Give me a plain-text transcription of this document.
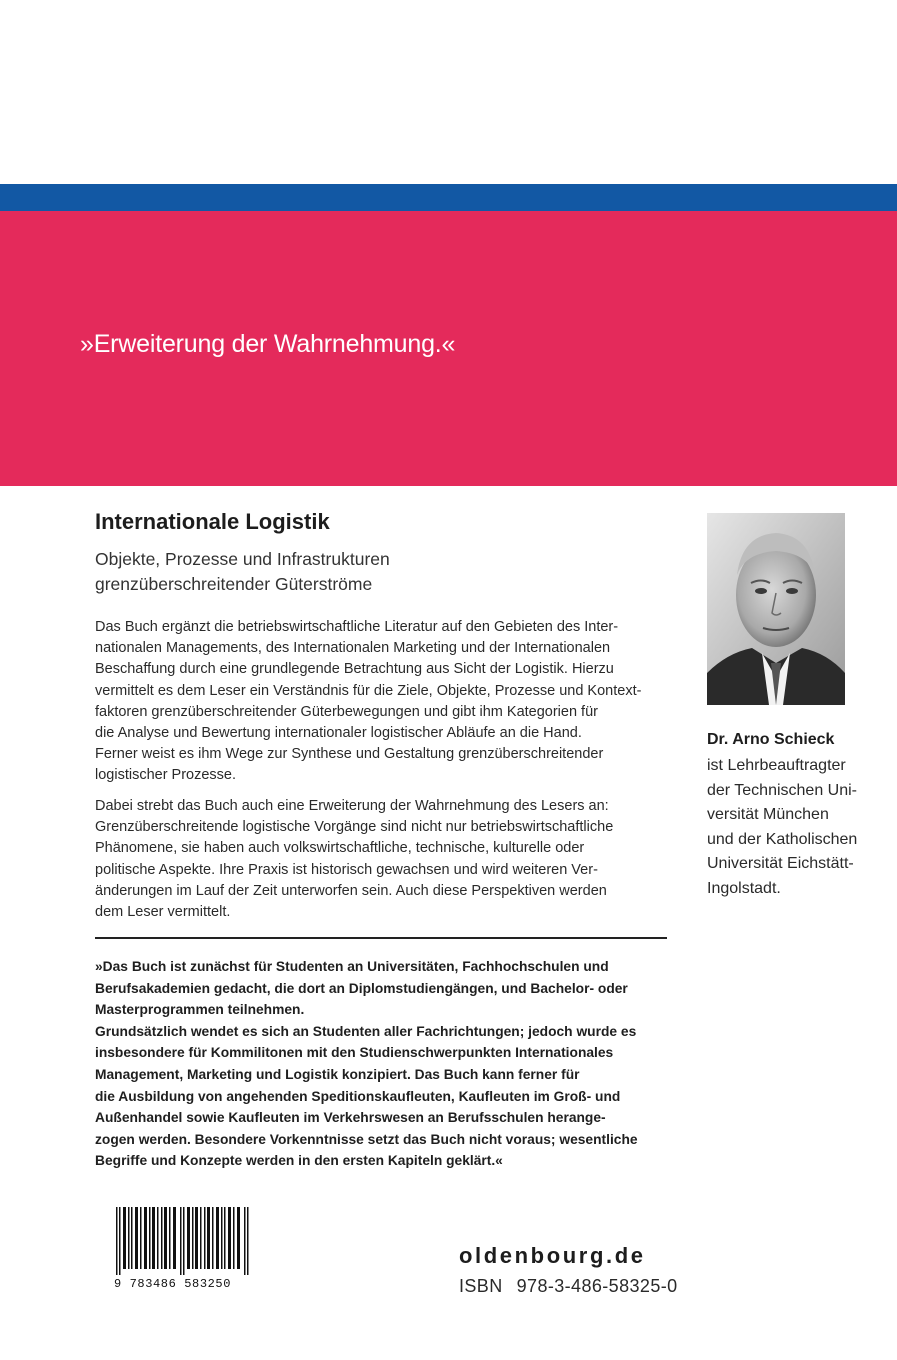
»Erweiterung der Wahrnehmung.«
Internationale Logistik
Objekte, Prozesse und Infrastrukturen
grenzüberschreitender Güterströme
Das Buch ergänzt die betriebswirtschaftliche Literatur auf den Gebieten des Inter-
nationalen Managements, des Internationalen Marketing und der Internationalen
Beschaffung durch eine grundlegende Betrachtung aus Sicht der Logistik. Hierzu
vermittelt es dem Leser ein Verständnis für die Ziele, Objekte, Prozesse und Kontext-
faktoren grenzüberschreitender Güterbewegungen und gibt ihm Kategorien für
die Analyse und Bewertung internationaler logistischer Abläufe an die Hand.
Ferner weist es ihm Wege zur Synthese und Gestaltung grenzüberschreitender
logistischer Prozesse.
Dabei strebt das Buch auch eine Erweiterung der Wahrnehmung des Lesers an:
Grenzüberschreitende logistische Vorgänge sind nicht nur betriebswirtschaftliche
Phänomene, sie haben auch volkswirtschaftliche, technische, kulturelle oder
politische Aspekte. Ihre Praxis ist historisch gewachsen und wird weiteren Ver-
änderungen im Lauf der Zeit unterworfen sein. Auch diese Perspektiven werden
dem Leser vermittelt.
»Das Buch ist zunächst für Studenten an Universitäten, Fachhochschulen und
Berufsakademien gedacht, die dort an Diplomstudiengängen, und Bachelor- oder
Masterprogrammen teilnehmen.
Grundsätzlich wendet es sich an Studenten aller Fachrichtungen; jedoch wurde es
insbesondere für Kommilitonen mit den Studienschwerpunkten Internationales
Management, Marketing und Logistik konzipiert. Das Buch kann ferner für
die Ausbildung von angehenden Speditionskaufleuten, Kaufleuten im Groß- und
Außenhandel sowie Kaufleuten im Verkehrswesen an Berufsschulen herange-
zogen werden. Besondere Vorkenntnisse setzt das Buch nicht voraus; wesentliche
Begriffe und Konzepte werden in den ersten Kapiteln geklärt.«
Dr. Arno Schieck
ist Lehrbeauftragter
der Technischen Uni-
versität München
und der Katholischen
Universität Eichstätt-
Ingolstadt.
9 783486 583250
oldenbourg.de
ISBN 978-3-486-58325-0
